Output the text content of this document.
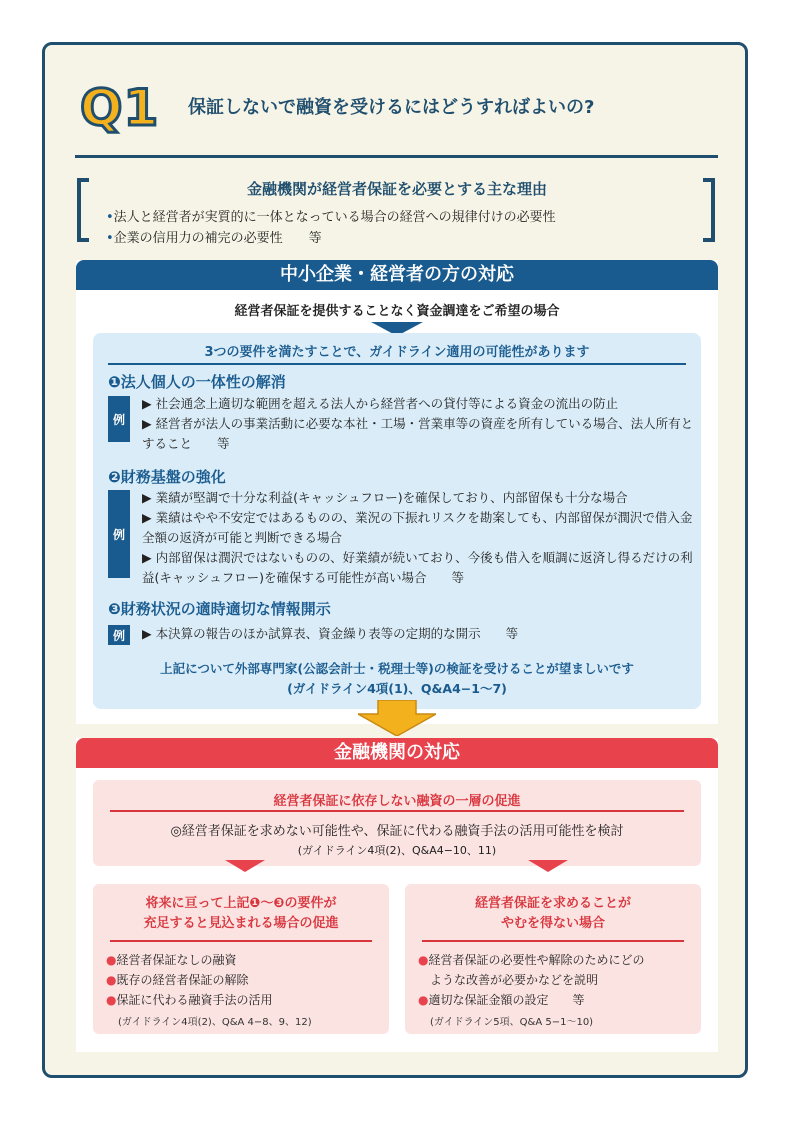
Q1 保証しないで融資を受けるにはどうすればよいの?
金融機関が経営者保証を必要とする主な理由
•法人と経営者が実質的に一体となっている場合の経営への規律付けの必要性
•企業の信用力の補完の必要性　　等
中小企業・経営者の方の対応
経営者保証を提供することなく資金調達をご希望の場合
3つの要件を満たすことで、ガイドライン適用の可能性があります
❶法人個人の一体性の解消
例
▶ 社会通念上適切な範囲を超える法人から経営者への貸付等による資金の流出の防止
▶ 経営者が法人の事業活動に必要な本社・工場・営業車等の資産を所有している場合、法人所有とすること　　等
❷財務基盤の強化
例
▶ 業績が堅調で十分な利益(キャッシュフロー)を確保しており、内部留保も十分な場合
▶ 業績はやや不安定ではあるものの、業況の下振れリスクを勘案しても、内部留保が潤沢で借入金全額の返済が可能と判断できる場合
▶ 内部留保は潤沢ではないものの、好業績が続いており、今後も借入を順調に返済し得るだけの利益(キャッシュフロー)を確保する可能性が高い場合　　等
❸財務状況の適時適切な情報開示
例	▶ 本決算の報告のほか試算表、資金繰り表等の定期的な開示　　等
上記について外部専門家(公認会計士・税理士等)の検証を受けることが望ましいです
(ガイドライン4項(1)、Q&A4−1〜7)
金融機関の対応
経営者保証に依存しない融資の一層の促進
◎経営者保証を求めない可能性や、保証に代わる融資手法の活用可能性を検討
(ガイドライン4項(2)、Q&A4−10、11)
将来に亘って上記❶〜❸の要件が
充足すると見込まれる場合の促進
●経営者保証なしの融資
●既存の経営者保証の解除
●保証に代わる融資手法の活用
(ガイドライン4項(2)、Q&A 4−8、9、12)
経営者保証を求めることが
やむを得ない場合
●経営者保証の必要性や解除のためにどの
ような改善が必要かなどを説明
●適切な保証金額の設定　　等
(ガイドライン5項、Q&A 5−1〜10)
